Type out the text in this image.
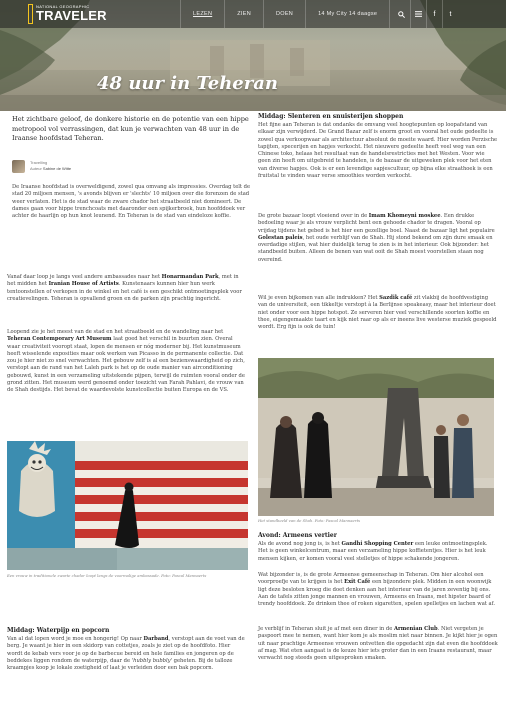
NATIONAL GEOGRAPHIC
TRAVELER	LEZEN	ZIEN	DOEN	14 My City 14 daagse	f	t
48 uur in Teheran

Het zichtbare geloof, de donkere historie en de potentie van een hippe metropool vol verrassingen, dat kun je verwachten van 48 uur in de Iraanse hoofdstad Teheran.

Travelling
Auteur Sabine de Witte

De Iraanse hoofdstad is overweldigend, zowel qua omvang als impressies. Overdag telt de stad 20 miljoen mensen, 's avonds blijven er 'slechts' 10 miljoen over die forenzen de stad weer verlaten. Het is de stad waar de zware chador het straatbeeld niet domineert. De dames gaan voor hippe trenchcoats met daaronder een spijkerbroek, hun hoofddoek ver achter de haarlijn op hun knot leunend. En Teheran is de stad van eindeloze koffie.

Vanaf daar loop je langs veel andere ambassades naar het Honarmandan Park, met in het midden het Iranian House of Artists. Kunstenaars kunnen hier hun werk tentoonstellen of verkopen in de winkel en het café is een geschikt ontmoetingsplek voor creatievelingen. Teheran is opvallend groen en de parken zijn prachtig ingericht.

Loopend zie je het meest van de stad en het straatbeeld en de wandeling naar het Teheran Contemporary Art Museum laat goed het verschil in buurten zien. Overal waar creativiteit vooropt staat, lopen de mensen er nóg moderner bij. Het kunstmuseum heeft wisselende exposities maar ook werken van Picasso in de permanente collectie. Dat zou je hier niet zo snel verwachten. Het gebouw zelf is al een bezienswaardigheid op zich, verstopt aan de rand van het Laleh park is het op de oude manier van airconditioning gebouwd, kunst in een verzameling uitstekende pijpen, terwijl de ruimten vooral onder de grond zitten. Het museum werd genoemd onder toezicht van Farah Pahlavi, de vrouw van de Shah destijds. Het bevat de waardevolste kunstcollectie buiten Europa en de VS.

Een vrouw in traditionele zwarte chador loopt langs de voormalige ambassade. Foto: Pascal Mannaerts

Middag: Waterpijp en popcorn

Van al dat lopen word je moe en hongerig! Op naar Darband, verstopt aan de voet van de berg. Je waant je hier in een skidorp van cottetjes, zoals je ziet op de hoofdfoto. Hier wordt de kebab vers voor je op de barbecue bereid en hele families en jongeren op de beddekes liggen rondom de waterpijp, daar de 'hubbly bubbly' geheten. Bij de talloze kraampjes koop je lokale zoetigheid of laat je verleiden door een bak popcorn.

Middag: Slenteren en snuisterijen shoppen

Het fijne aan Teheran is dat ondanks de omvang veel hoogtepunten op loopafstand van elkaar zijn verwijderd. De Grand Bazar zelf is enorm groot en vooral het oude gedeelte is zowel qua verkoopwaar als architectuur absoluut de moeite waard. Hier worden Perzische tapijten, specerijen en hapjes verkocht. Het nieuwere gedeelte heeft veel weg van een Chinese toko, helaas het resultaat van de handelsrestricties met het Westen. Voor wie geen zin heeft om uitgebreid te handelen, is de bazaar de uitgeweken plek voor het eten van diverse hapjes. Ook is er een levendige sapjescultuur, op bijna elke straathoek is een fruitstal te vinden waar verse smoothies worden verkocht.

De grote bazaar loopt vloeiend over in de Imam Khomeyni moskee. Een drukke bedoeling waar je als vrouw verplicht bent een gehoede chador te dragen. Vooral op vrijdag tijdens het gebed is het hier een gezellige boel. Naast de bazaar ligt het populaire Golestan paleis, het oude verblijf van de Shah. Hij stond bekend om zijn dure smaak en overdadige stijlen, wat hier duidelijk terug te zien is in het interieur. Ook bijzonder: het standbeeld buiten. Alleen de benen van wat ooit de Shah moest voorstellen staan nog overeind.

Wil je even bijkomen van alle indrukken? Het Sazdik café zit vlakbij de hoofdvestiging van de universiteit, een tikkeltje verstopt à la Berlijnse speakeasy, maar het interieur doet niet onder voor een hippe hotspot. Ze serveren hier veel verschillende soorten koffie en thee, eigengemaakte taart en kijk niet raar op als er ineens live westerse muziek gespeeld wordt. Erg fijn is ook de tuin!

Het standbeeld van de Shah. Foto: Pascal Mannaerts

Avond: Armeens vertier

Als de avond nog jong is, is het Gandhi Shopping Center een leuke ontmoetingsplek. Het is geen winkelcentrum, maar een verzameling hippe koffietentjes. Hier is het leuk mensen kijken, er komen vooral veel stelletjes of hippe schakende jongeren.

Wat bijzonder is, is de grote Armeense gemeenschap in Teheran. Om hier alcohol een voorproefje van te krijgen is het Exit Café een bijzondere plek. Midden in een woonwijk ligt deze besloten kroeg die doet denken aan het interieur van de jaren zeventig bij ons. Aan de tafels zitten jonge mannen en vrouwen, Armeens en Iraans, met hipster baard of trendy hoofddoek. Ze drinken thee of roken sigaretten, spelen spelletjes en lachen wat af.

Je verblijf in Teheran sluit je af met een diner in de Armenian Club. Niet vergeten je paspoort mee te nemen, want hier kom je als moslim niet naar binnen. Je kijkt hier je ogen uit naar prachtige Armeense vrouwen ontvetten die opgedacht zijn dat even die hoofddoek af mag. Wat eten aangaat is de keuze hier iets groter dan in een Iraans restaurant, maar verwacht nog steeds geen uitgesproken smaken.
